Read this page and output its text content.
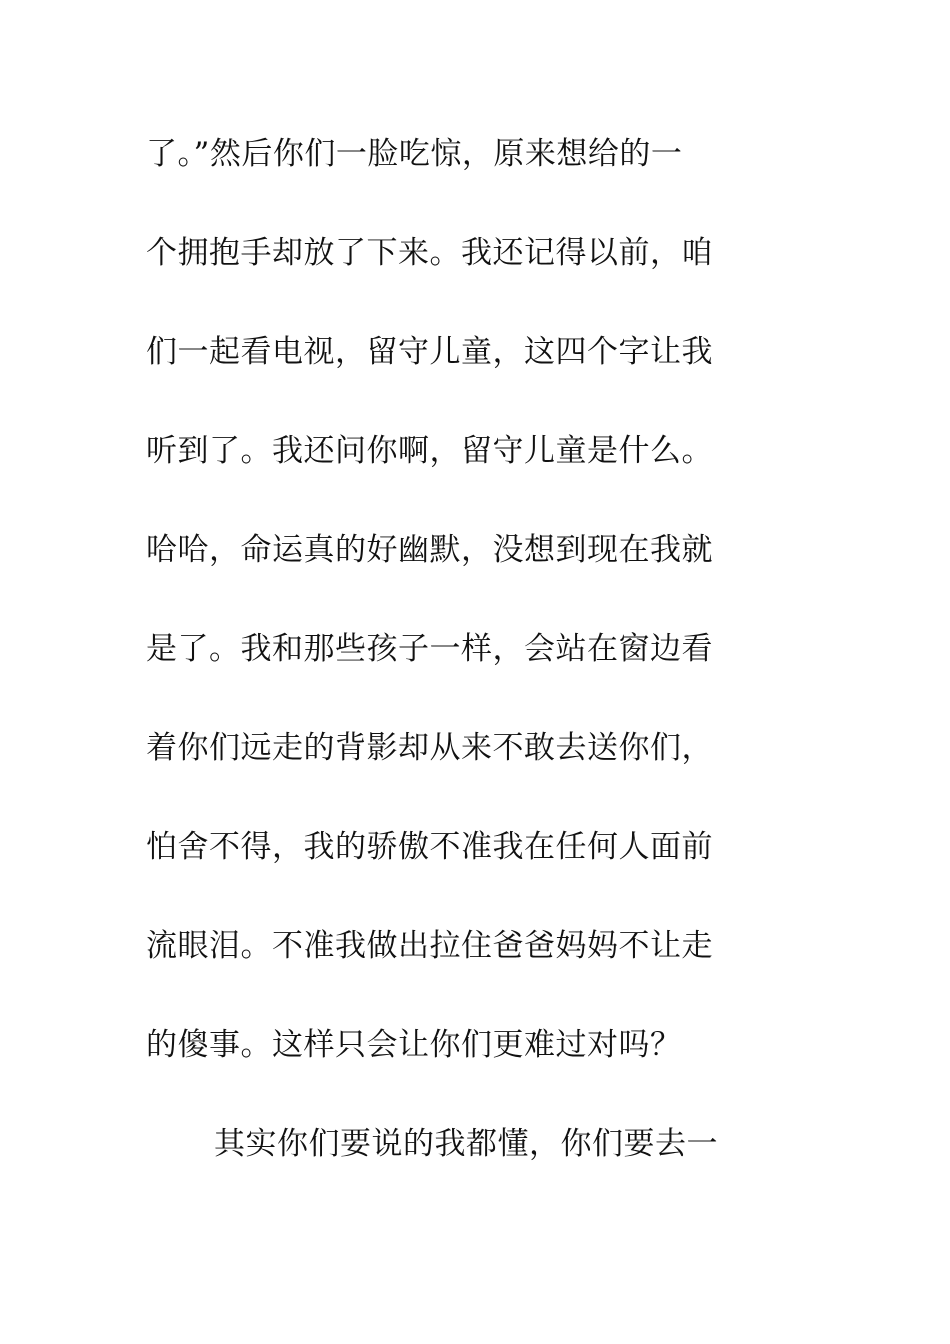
了。”然后你们一脸吃惊，原来想给的一
个拥抱手却放了下来。我还记得以前，咱
们一起看电视，留守儿童，这四个字让我
听到了。我还问你啊，留守儿童是什么。
哈哈，命运真的好幽默，没想到现在我就
是了。我和那些孩子一样，会站在窗边看
着你们远走的背影却从来不敢去送你们，
怕舍不得，我的骄傲不准我在任何人面前
流眼泪。不准我做出拉住爸爸妈妈不让走
的傻事。这样只会让你们更难过对吗？
其实你们要说的我都懂，你们要去一
